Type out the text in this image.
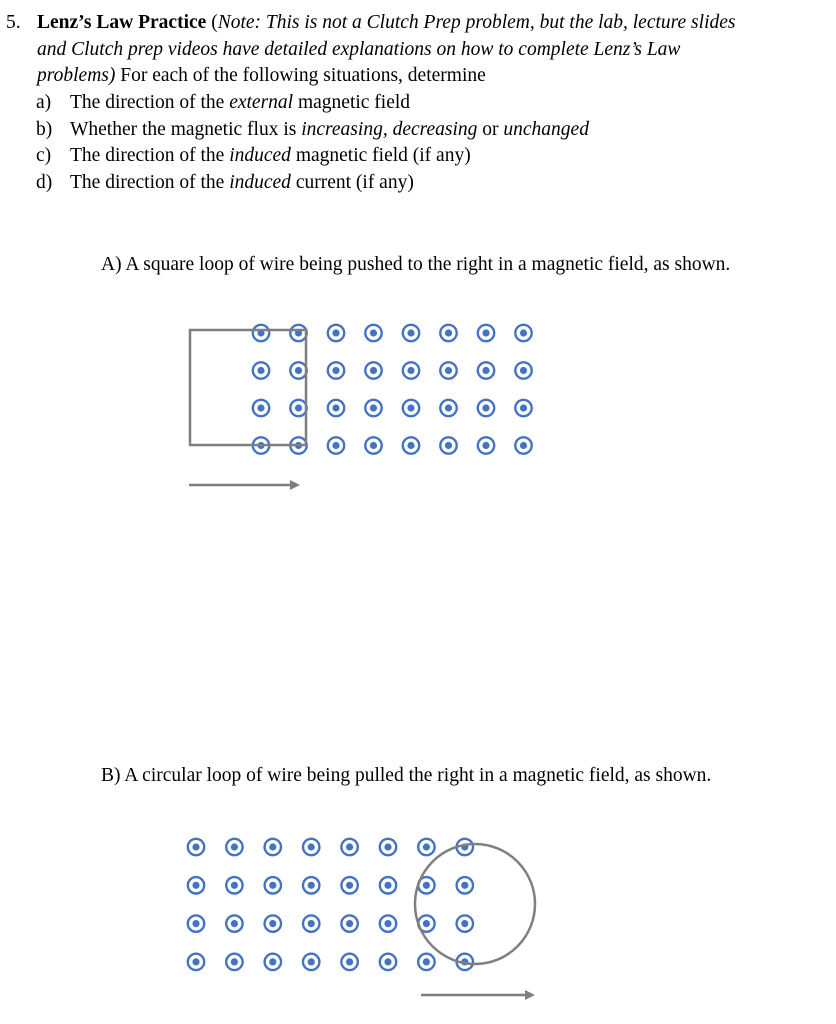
5. Lenz’s Law Practice (Note: This is not a Clutch Prep problem, but the lab, lecture slides
and Clutch prep videos have detailed explanations on how to complete Lenz’s Law
problems) For each of the following situations, determine
a) The direction of the external magnetic field
b) Whether the magnetic flux is increasing, decreasing or unchanged
c) The direction of the induced magnetic field (if any)
d) The direction of the induced current (if any)
A) A square loop of wire being pushed to the right in a magnetic field, as shown.
B) A circular loop of wire being pulled the right in a magnetic field, as shown.
